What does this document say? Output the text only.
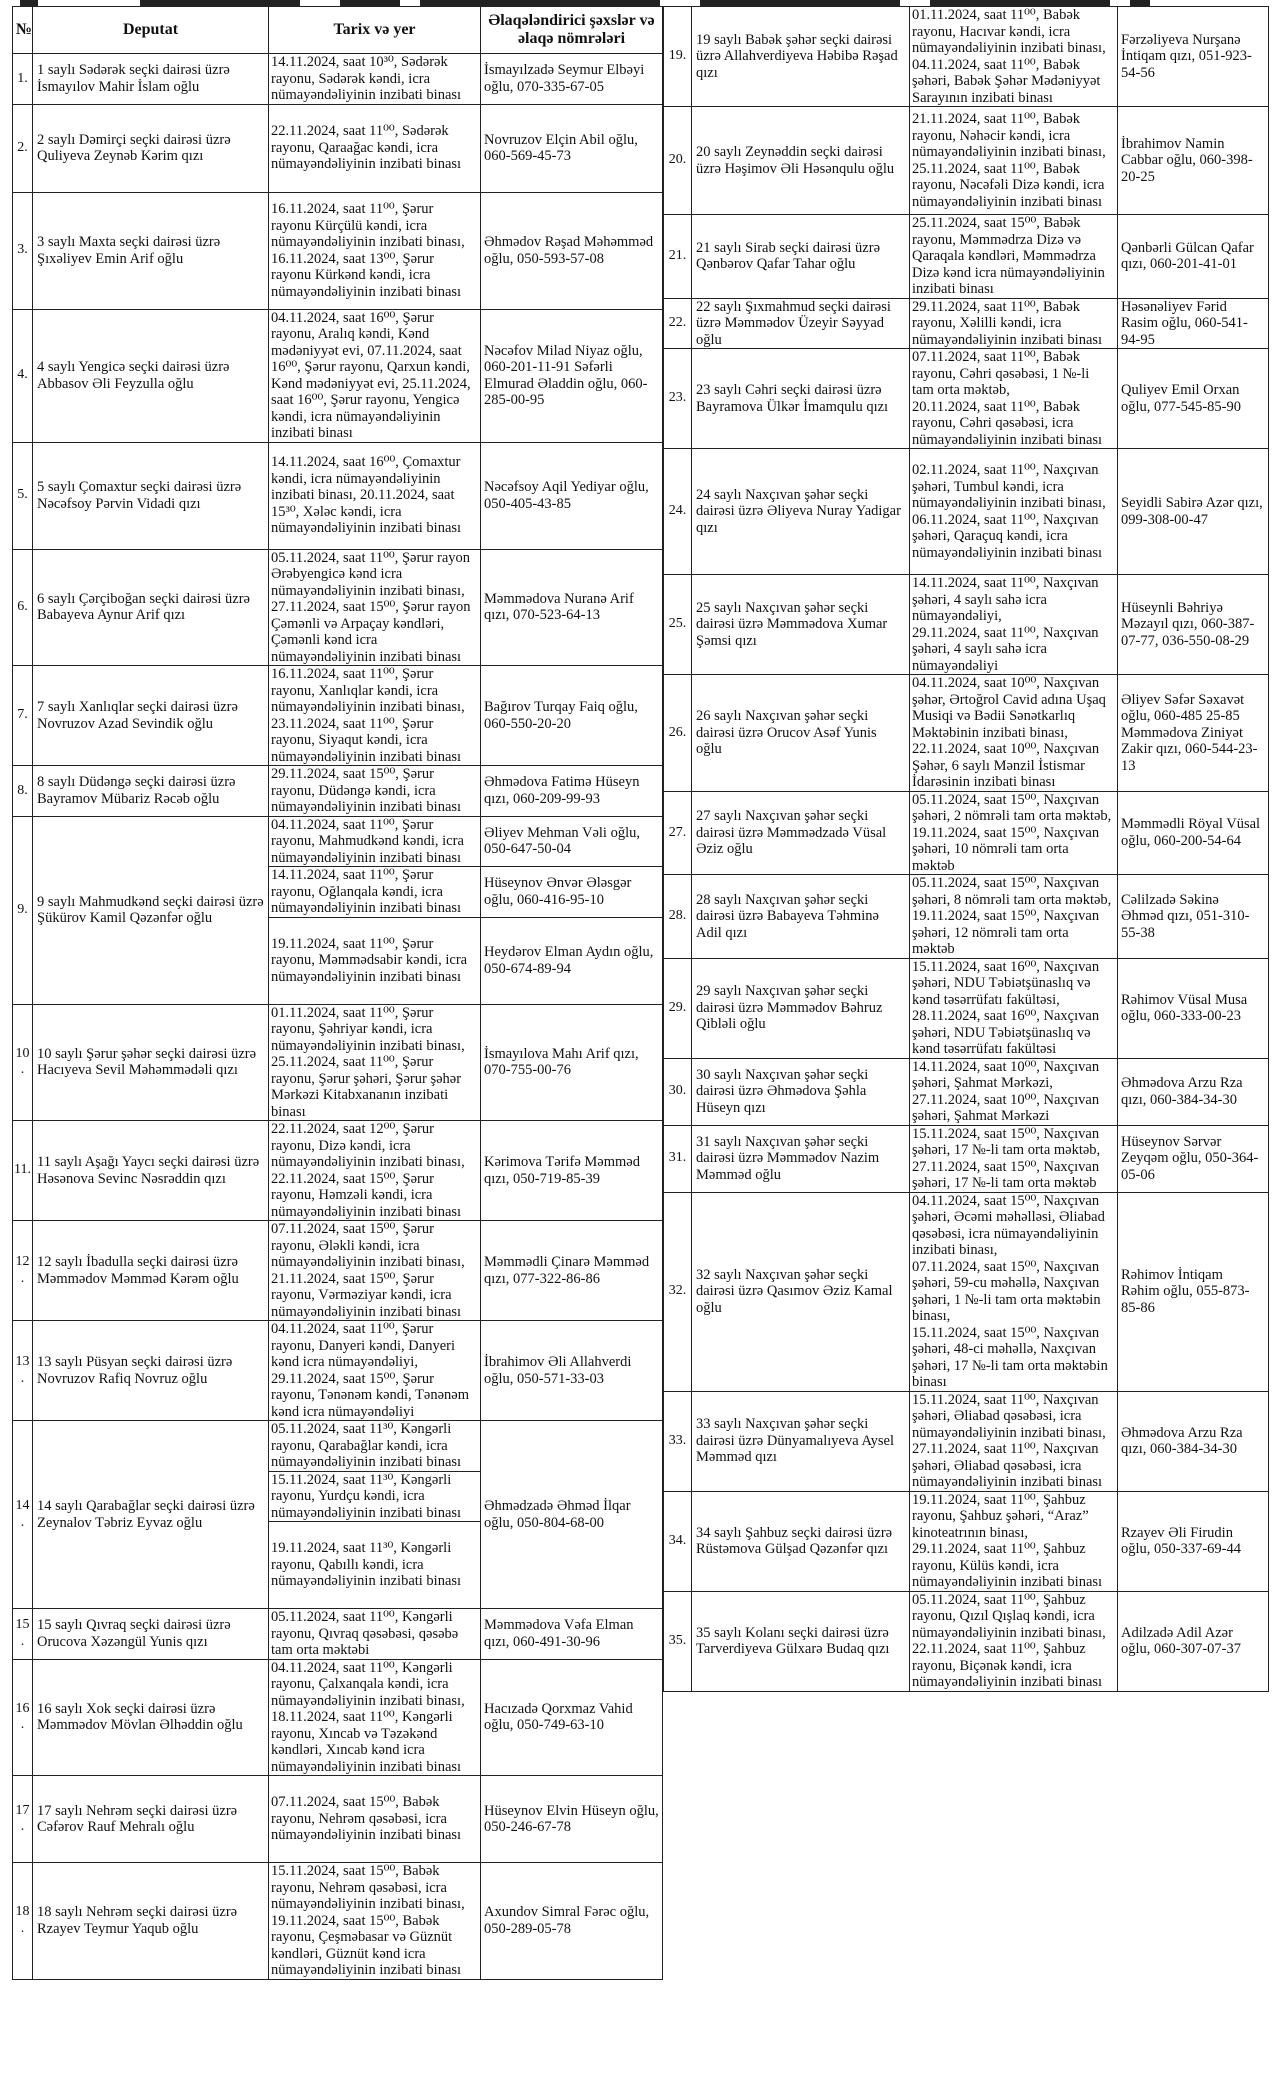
№	Deputat	Tarix və yer	Əlaqələndirici şəxslər və əlaqə nömrələri
1.	1 saylı Sədərək seçki dairəsi üzrə İsmayılov Mahir İslam oğlu	14.11.2024, saat 10³⁰, Sədərək rayonu, Sədərək kəndi, icra nümayəndəliyinin inzibati binası	İsmayılzadə Seymur Elbəyi oğlu, 070-335-67-05
2.	2 saylı Dəmirçi seçki dairəsi üzrə Quliyeva Zeynəb Kərim qızı	22.11.2024, saat 11⁰⁰, Sədərək rayonu, Qaraağac kəndi, icra nümayəndəliyinin inzibati binası	Novruzov Elçin Abil oğlu, 060-569-45-73
3.	3 saylı Maxta seçki dairəsi üzrə Şıxəliyev Emin Arif oğlu	16.11.2024, saat 11⁰⁰, Şərur rayonu Kürçülü kəndi, icra nümayəndəliyinin inzibati binası, 16.11.2024, saat 13⁰⁰, Şərur rayonu Kürkənd kəndi, icra nümayəndəliyinin inzibati binası	Əhmədov Rəşad Məhəmməd oğlu, 050-593-57-08
4.	4 saylı Yengicə seçki dairəsi üzrə Abbasov Əli Feyzulla oğlu	04.11.2024, saat 16⁰⁰, Şərur rayonu, Aralıq kəndi, Kənd mədəniyyət evi, 07.11.2024, saat 16⁰⁰, Şərur rayonu, Qarxun kəndi, Kənd mədəniyyət evi, 25.11.2024, saat 16⁰⁰, Şərur rayonu, Yengicə kəndi, icra nümayəndəliyinin inzibati binası	Nəcəfov Milad Niyaz oğlu, 060-201-11-91 Səfərli Elmurad Əladdin oğlu, 060-285-00-95
5.	5 saylı Çomaxtur seçki dairəsi üzrə Nəcəfsoy Pərvin Vidadi qızı	14.11.2024, saat 16⁰⁰, Çomaxtur kəndi, icra nümayəndəliyinin inzibati binası, 20.11.2024, saat 15³⁰, Xələc kəndi, icra nümayəndəliyinin inzibati binası	Nəcəfsoy Aqil Yediyar oğlu, 050-405-43-85
6.	6 saylı Çərçiboğan seçki dairəsi üzrə Babayeva Aynur Arif qızı	05.11.2024, saat 11⁰⁰, Şərur rayon Ərəbyengicə kənd icra nümayəndəliyinin inzibati binası, 27.11.2024, saat 15⁰⁰, Şərur rayon Çəmənli və Arpaçay kəndləri, Çəmənli kənd icra nümayəndəliyinin inzibati binası	Məmmədova Nuranə Arif qızı, 070-523-64-13
7.	7 saylı Xanlıqlar seçki dairəsi üzrə Novruzov Azad Sevindik oğlu	16.11.2024, saat 11⁰⁰, Şərur rayonu, Xanlıqlar kəndi, icra nümayəndəliyinin inzibati binası, 23.11.2024, saat 11⁰⁰, Şərur rayonu, Siyaqut kəndi, icra nümayəndəliyinin inzibati binası	Bağırov Turqay Faiq oğlu, 060-550-20-20
8.	8 saylı Düdəngə seçki dairəsi üzrə Bayramov Mübariz Rəcəb oğlu	29.11.2024, saat 15⁰⁰, Şərur rayonu, Düdəngə kəndi, icra nümayəndəliyinin inzibati binası	Əhmədova Fatimə Hüseyn qızı, 060-209-99-93
9.	9 saylı Mahmudkənd seçki dairəsi üzrə Şükürov Kamil Qəzənfər oğlu	04.11.2024, saat 11⁰⁰, Şərur rayonu, Mahmudkənd kəndi, icra nümayəndəliyinin inzibati binası	Əliyev Mehman Vəli oğlu, 050-647-50-04
		14.11.2024, saat 11⁰⁰, Şərur rayonu, Oğlanqala kəndi, icra nümayəndəliyinin inzibati binası	Hüseynov Ənvər Ələsgər oğlu, 060-416-95-10
		19.11.2024, saat 11⁰⁰, Şərur rayonu, Məmmədsabir kəndi, icra nümayəndəliyinin inzibati binası	Heydərov Elman Aydın oğlu, 050-674-89-94
10.	10 saylı Şərur şəhər seçki dairəsi üzrə Hacıyeva Sevil Məhəmmədəli qızı	01.11.2024, saat 11⁰⁰, Şərur rayonu, Şəhriyar kəndi, icra nümayəndəliyinin inzibati binası, 25.11.2024, saat 11⁰⁰, Şərur rayonu, Şərur şəhəri, Şərur şəhər Mərkəzi Kitabxananın inzibati binası	İsmayılova Mahı Arif qızı, 070-755-00-76
11.	11 saylı Aşağı Yaycı seçki dairəsi üzrə Həsənova Sevinc Nəsrəddin qızı	22.11.2024, saat 12⁰⁰, Şərur rayonu, Dizə kəndi, icra nümayəndəliyinin inzibati binası, 22.11.2024, saat 15⁰⁰, Şərur rayonu, Həmzəli kəndi, icra nümayəndəliyinin inzibati binası	Kərimova Tərifə Məmməd qızı, 050-719-85-39
12.	12 saylı İbadulla seçki dairəsi üzrə Məmmədov Məmməd Kərəm oğlu	07.11.2024, saat 15⁰⁰, Şərur rayonu, Ələkli kəndi, icra nümayəndəliyinin inzibati binası, 21.11.2024, saat 15⁰⁰, Şərur rayonu, Vərməziyar kəndi, icra nümayəndəliyinin inzibati binası	Məmmədli Çinarə Məmməd qızı, 077-322-86-86
13.	13 saylı Püsyan seçki dairəsi üzrə Novruzov Rafiq Novruz oğlu	04.11.2024, saat 11⁰⁰, Şərur rayonu, Danyeri kəndi, Danyeri kənd icra nümayəndəliyi, 29.11.2024, saat 15⁰⁰, Şərur rayonu, Tənənəm kəndi, Tənənəm kənd icra nümayəndəliyi	İbrahimov Əli Allahverdi oğlu, 050-571-33-03
14.	14 saylı Qarabağlar seçki dairəsi üzrə Zeynalov Təbriz Eyvaz oğlu	05.11.2024, saat 11³⁰, Kəngərli rayonu, Qarabağlar kəndi, icra nümayəndəliyinin inzibati binası	Əhmədzadə Əhməd İlqar oğlu, 050-804-68-00
		15.11.2024, saat 11³⁰, Kəngərli rayonu, Yurdçu kəndi, icra nümayəndəliyinin inzibati binası	
		19.11.2024, saat 11³⁰, Kəngərli rayonu, Qabıllı kəndi, icra nümayəndəliyinin inzibati binası	
15.	15 saylı Qıvraq seçki dairəsi üzrə Orucova Xəzəngül Yunis qızı	05.11.2024, saat 11⁰⁰, Kəngərli rayonu, Qıvraq qəsəbəsi, qəsəbə tam orta məktəbi	Məmmədova Vəfa Elman qızı, 060-491-30-96
16.	16 saylı Xok seçki dairəsi üzrə Məmmədov Mövlan Əlhəddin oğlu	04.11.2024, saat 11⁰⁰, Kəngərli rayonu, Çalxanqala kəndi, icra nümayəndəliyinin inzibati binası, 18.11.2024, saat 11⁰⁰, Kəngərli rayonu, Xıncab və Təzəkənd kəndləri, Xıncab kənd icra nümayəndəliyinin inzibati binası	Hacızadə Qorxmaz Vahid oğlu, 050-749-63-10
17.	17 saylı Nehrəm seçki dairəsi üzrə Cəfərov Rauf Mehralı oğlu	07.11.2024, saat 15⁰⁰, Babək rayonu, Nehrəm qəsəbəsi, icra nümayəndəliyinin inzibati binası	Hüseynov Elvin Hüseyn oğlu, 050-246-67-78
18.	18 saylı Nehrəm seçki dairəsi üzrə Rzayev Teymur Yaqub oğlu	15.11.2024, saat 15⁰⁰, Babək rayonu, Nehrəm qəsəbəsi, icra nümayəndəliyinin inzibati binası, 19.11.2024, saat 15⁰⁰, Babək rayonu, Çeşməbasar və Güznüt kəndləri, Güznüt kənd icra nümayəndəliyinin inzibati binası	Axundov Simral Fərəc oğlu, 050-289-05-78
19.	19 saylı Babək şəhər seçki dairəsi üzrə Allahverdiyeva Həbibə Rəşad qızı	01.11.2024, saat 11⁰⁰, Babək rayonu, Hacıvar kəndi, icra nümayəndəliyinin inzibati binası, 04.11.2024, saat 11⁰⁰, Babək şəhəri, Babək Şəhər Mədəniyyət Sarayının inzibati binası	Fərzəliyeva Nurşanə İntiqam qızı, 051-923-54-56
20.	20 saylı Zeynəddin seçki dairəsi üzrə Həşimov Əli Həsənqulu oğlu	21.11.2024, saat 11⁰⁰, Babək rayonu, Nəhəcir kəndi, icra nümayəndəliyinin inzibati binası,
25.11.2024, saat 11⁰⁰, Babək rayonu, Nəcəfəli Dizə kəndi, icra nümayəndəliyinin inzibati binası	İbrahimov Namin Cabbar oğlu, 060-398-20-25
21.	21 saylı Sirab seçki dairəsi üzrə Qənbərov Qafar Tahar oğlu	25.11.2024, saat 15⁰⁰, Babək rayonu, Məmmədrza Dizə və Qaraqala kəndləri, Məmmədrza Dizə kənd icra nümayəndəliyinin inzibati binası	Qənbərli Gülcan Qafar qızı, 060-201-41-01
22.	22 saylı Şıxmahmud seçki dairəsi üzrə Məmmədov Üzeyir Səyyad oğlu	29.11.2024, saat 11⁰⁰, Babək rayonu, Xəlilli kəndi, icra nümayəndəliyinin inzibati binası	Həsənəliyev Fərid Rasim oğlu, 060-541-94-95
23.	23 saylı Cəhri seçki dairəsi üzrə Bayramova Ülkər İmamqulu qızı	07.11.2024, saat 11⁰⁰, Babək rayonu, Cəhri qəsəbəsi, 1 №-li tam orta məktəb,
20.11.2024, saat 11⁰⁰, Babək rayonu, Cəhri qəsəbəsi, icra nümayəndəliyinin inzibati binası	Quliyev Emil Orxan oğlu, 077-545-85-90
24.	24 saylı Naxçıvan şəhər seçki dairəsi üzrə Əliyeva Nuray Yadigar qızı	02.11.2024, saat 11⁰⁰, Naxçıvan şəhəri, Tumbul kəndi, icra nümayəndəliyinin inzibati binası,
06.11.2024, saat 11⁰⁰, Naxçıvan şəhəri, Qaraçuq kəndi, icra nümayəndəliyinin inzibati binası	Seyidli Sabirə Azər qızı, 099-308-00-47
25.	25 saylı Naxçıvan şəhər seçki dairəsi üzrə Məmmədova Xumar Şəmsi qızı	14.11.2024, saat 11⁰⁰, Naxçıvan şəhəri, 4 saylı sahə icra nümayəndəliyi,
29.11.2024, saat 11⁰⁰, Naxçıvan şəhəri, 4 saylı sahə icra nümayəndəliyi	Hüseynli Bəhriyə Məzayıl qızı, 060-387-07-77, 036-550-08-29
26.	26 saylı Naxçıvan şəhər seçki dairəsi üzrə Orucov Asəf Yunis oğlu	04.11.2024, saat 10⁰⁰, Naxçıvan şəhər, Ərtoğrol Cavid adına Uşaq Musiqi və Bədii Sənətkarlıq Məktəbinin inzibati binası,
22.11.2024, saat 10⁰⁰, Naxçıvan Şəhər, 6 saylı Mənzil İstismar İdarəsinin inzibati binası	Əliyev Səfər Səxavət oğlu, 060-485 25-85 Məmmədova Ziniyət Zakir qızı, 060-544-23-13
27.	27 saylı Naxçıvan şəhər seçki dairəsi üzrə Məmmədzadə Vüsal Əziz oğlu	05.11.2024, saat 15⁰⁰, Naxçıvan şəhəri, 2 nömrəli tam orta məktəb,
19.11.2024, saat 15⁰⁰, Naxçıvan şəhəri, 10 nömrəli tam orta məktəb	Məmmədli Röyal Vüsal oğlu, 060-200-54-64
28.	28 saylı Naxçıvan şəhər seçki dairəsi üzrə Babayeva Təhminə Adil qızı	05.11.2024, saat 15⁰⁰, Naxçıvan şəhəri, 8 nömrəli tam orta məktəb,
19.11.2024, saat 15⁰⁰, Naxçıvan şəhəri, 12 nömrəli tam orta məktəb	Cəlilzadə Səkinə Əhməd qızı, 051-310-55-38
29.	29 saylı Naxçıvan şəhər seçki dairəsi üzrə Məmmədov Bəhruz Qibləli oğlu	15.11.2024, saat 16⁰⁰, Naxçıvan şəhəri, NDU Təbiətşünaslıq və kənd təsərrüfatı fakültəsi,
28.11.2024, saat 16⁰⁰, Naxçıvan şəhəri, NDU Təbiətşünaslıq və kənd təsərrüfatı fakültəsi	Rəhimov Vüsal Musa oğlu, 060-333-00-23
30.	30 saylı Naxçıvan şəhər seçki dairəsi üzrə Əhmədova Şəhla Hüseyn qızı	14.11.2024, saat 10⁰⁰, Naxçıvan şəhəri, Şahmat Mərkəzi,
27.11.2024, saat 10⁰⁰, Naxçıvan şəhəri, Şahmat Mərkəzi	Əhmədova Arzu Rza qızı, 060-384-34-30
31.	31 saylı Naxçıvan şəhər seçki dairəsi üzrə Məmmədov Nazim Məmməd oğlu	15.11.2024, saat 15⁰⁰, Naxçıvan şəhəri, 17 №-li tam orta məktəb,
27.11.2024, saat 15⁰⁰, Naxçıvan şəhəri, 17 №-li tam orta məktəb	Hüseynov Sərvər Zeyqəm oğlu, 050-364-05-06
32.	32 saylı Naxçıvan şəhər seçki dairəsi üzrə Qasımov Əziz Kamal oğlu	04.11.2024, saat 15⁰⁰, Naxçıvan şəhəri, Əcəmi məhəlləsi, Əliabad qəsəbəsi, icra nümayəndəliyinin inzibati binası,
07.11.2024, saat 15⁰⁰, Naxçıvan şəhəri, 59-cu məhəllə, Naxçıvan şəhəri, 1 №-li tam orta məktəbin binası,
15.11.2024, saat 15⁰⁰, Naxçıvan şəhəri, 48-ci məhəllə, Naxçıvan şəhəri, 17 №-li tam orta məktəbin binası	Rəhimov İntiqam Rəhim oğlu, 055-873-85-86
33.	33 saylı Naxçıvan şəhər seçki dairəsi üzrə Dünyamalıyeva Aysel Məmməd qızı	15.11.2024, saat 11⁰⁰, Naxçıvan şəhəri, Əliabad qəsəbəsi, icra nümayəndəliyinin inzibati binası,
27.11.2024, saat 11⁰⁰, Naxçıvan şəhəri, Əliabad qəsəbəsi, icra nümayəndəliyinin inzibati binası	Əhmədova Arzu Rza qızı, 060-384-34-30
34.	34 saylı Şahbuz seçki dairəsi üzrə Rüstəmova Gülşad Qəzənfər qızı	19.11.2024, saat 11⁰⁰, Şahbuz rayonu, Şahbuz şəhəri, “Araz” kinoteatrının binası,
29.11.2024, saat 11⁰⁰, Şahbuz rayonu, Külüs kəndi, icra nümayəndəliyinin inzibati binası	Rzayev Əli Firudin oğlu, 050-337-69-44
35.	35 saylı Kolanı seçki dairəsi üzrə Tarverdiyeva Gülxarə Budaq qızı	05.11.2024, saat 11⁰⁰, Şahbuz rayonu, Qızıl Qışlaq kəndi, icra nümayəndəliyinin inzibati binası,
22.11.2024, saat 11⁰⁰, Şahbuz rayonu, Biçənək kəndi, icra nümayəndəliyinin inzibati binası	Adilzadə Adil Azər oğlu, 060-307-07-37
